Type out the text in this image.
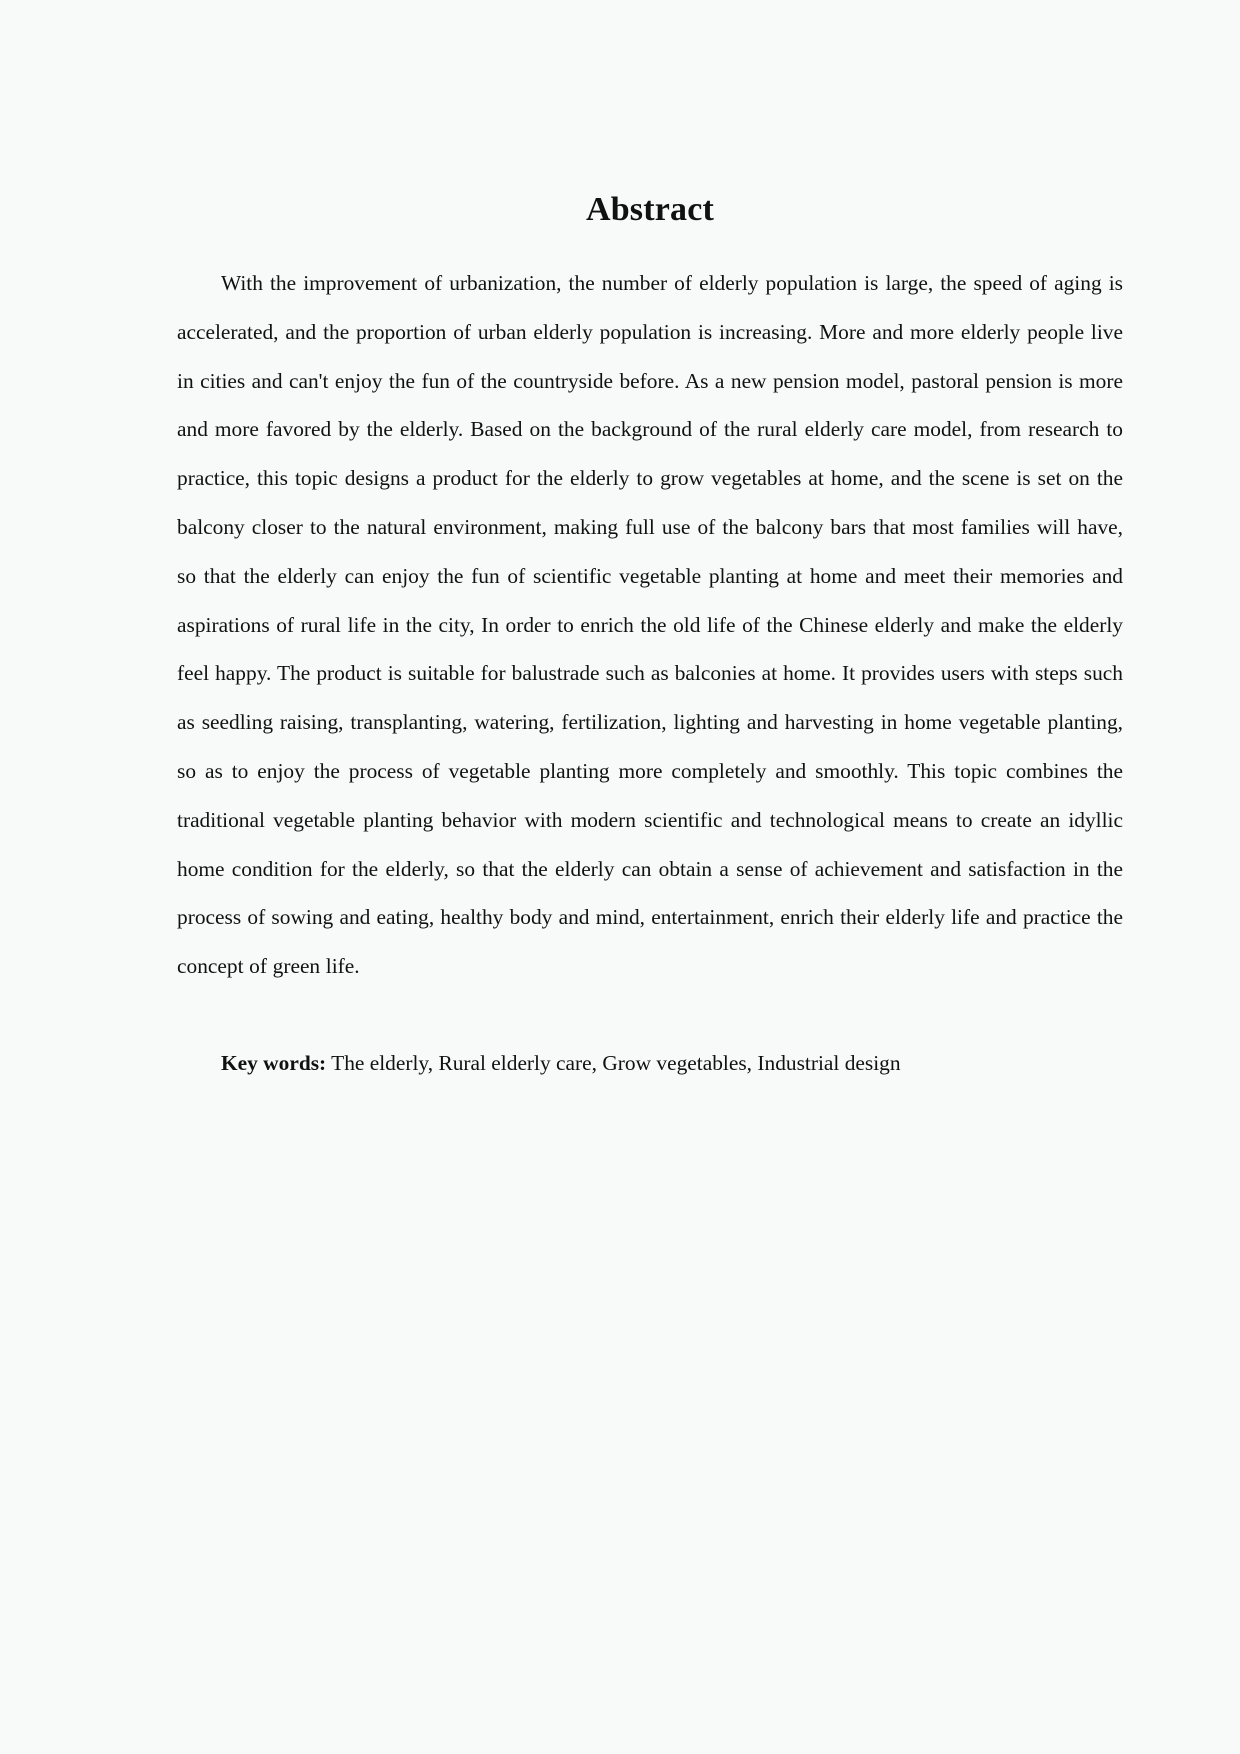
Abstract

With the improvement of urbanization, the number of elderly population is large, the speed of aging is accelerated, and the proportion of urban elderly population is increasing. More and more elderly people live in cities and can't enjoy the fun of the countryside before. As a new pension model, pastoral pension is more and more favored by the elderly. Based on the background of the rural elderly care model, from research to practice, this topic designs a product for the elderly to grow vegetables at home, and the scene is set on the balcony closer to the natural environment, making full use of the balcony bars that most families will have, so that the elderly can enjoy the fun of scientific vegetable planting at home and meet their memories and aspirations of rural life in the city, In order to enrich the old life of the Chinese elderly and make the elderly feel happy. The product is suitable for balustrade such as balconies at home. It provides users with steps such as seedling raising, transplanting, watering, fertilization, lighting and harvesting in home vegetable planting, so as to enjoy the process of vegetable planting more completely and smoothly. This topic combines the traditional vegetable planting behavior with modern scientific and technological means to create an idyllic home condition for the elderly, so that the elderly can obtain a sense of achievement and satisfaction in the process of sowing and eating, healthy body and mind, entertainment, enrich their elderly life and practice the concept of green life.

Key words: The elderly, Rural elderly care, Grow vegetables, Industrial design
